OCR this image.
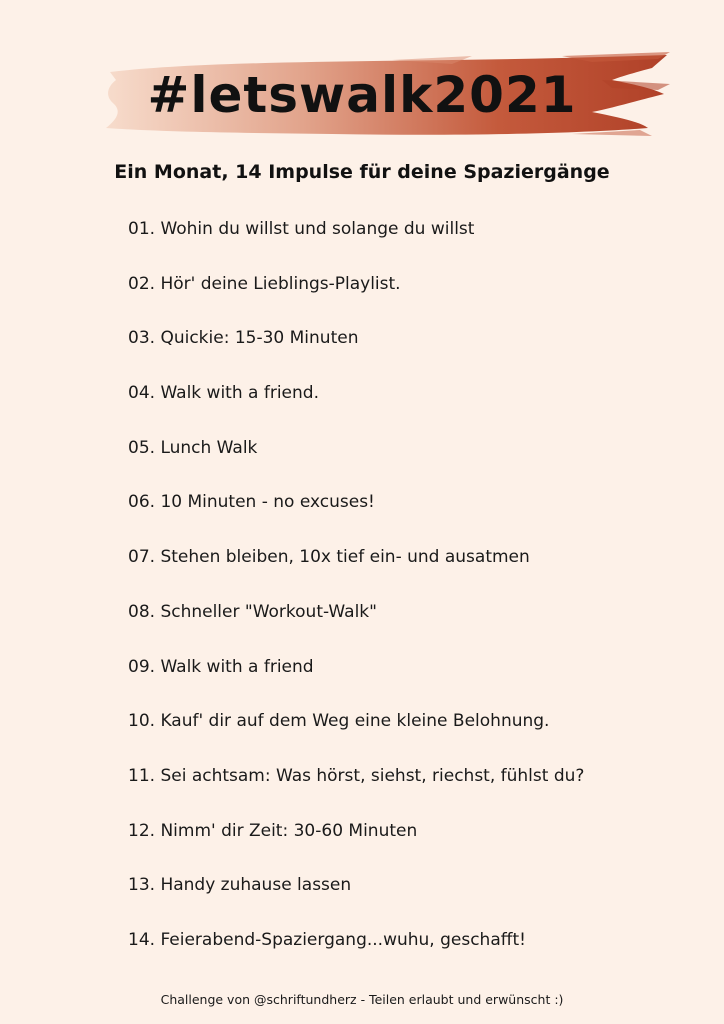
#letswalk2021
Ein Monat, 14 Impulse für deine Spaziergänge
01. Wohin du willst und solange du willst
02. Hör' deine Lieblings-Playlist.
03. Quickie: 15-30 Minuten
04. Walk with a friend.
05. Lunch Walk
06. 10 Minuten - no excuses!
07. Stehen bleiben, 10x tief ein- und ausatmen
08. Schneller "Workout-Walk"
09. Walk with a friend
10. Kauf' dir auf dem Weg eine kleine Belohnung.
11. Sei achtsam: Was hörst, siehst, riechst, fühlst du?
12. Nimm' dir Zeit: 30-60 Minuten
13. Handy zuhause lassen
14. Feierabend-Spaziergang...wuhu, geschafft!
Challenge von @schriftundherz - Teilen erlaubt und erwünscht :)
